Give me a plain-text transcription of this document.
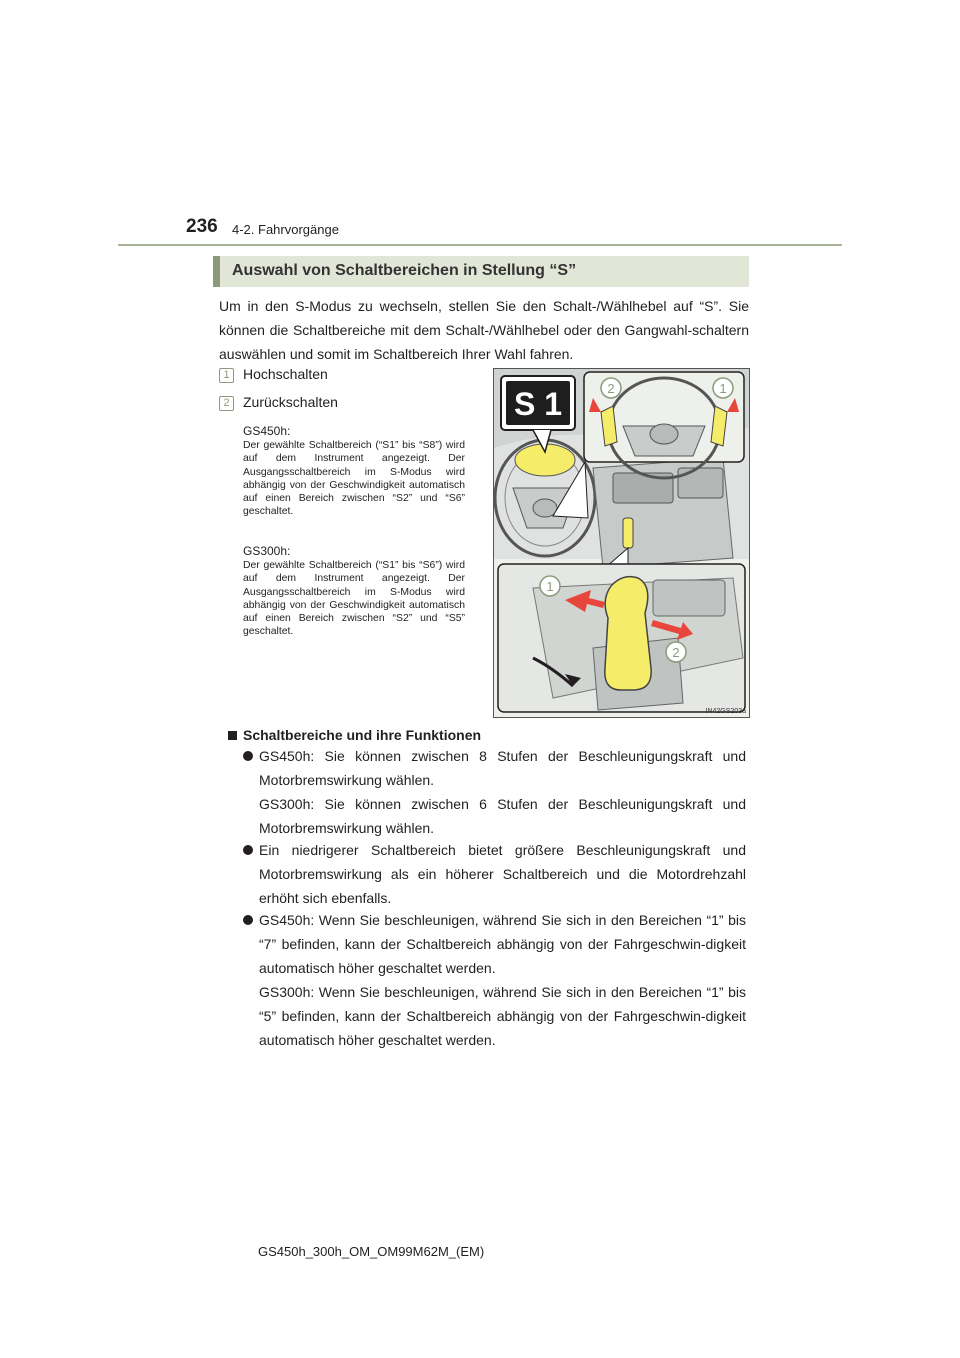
236 4-2. Fahrvorgänge
Auswahl von Schaltbereichen in Stellung “S”
Um in den S-Modus zu wechseln, stellen Sie den Schalt-/Wählhebel auf “S”. Sie können die Schaltbereiche mit dem Schalt-/Wählhebel oder den Gangwahl-schaltern auswählen und somit im Schaltbereich Ihrer Wahl fahren.
1 Hochschalten
2 Zurückschalten
GS450h:
Der gewählte Schaltbereich (“S1” bis “S8”) wird auf dem Instrument angezeigt. Der Ausgangsschaltbereich im S-Modus wird abhängig von der Geschwindigkeit automatisch auf einen Bereich zwischen “S2” und “S6” geschaltet.
GS300h:
Der gewählte Schaltbereich (“S1” bis “S6”) wird auf dem Instrument angezeigt. Der Ausgangsschaltbereich im S-Modus wird abhängig von der Geschwindigkeit automatisch auf einen Bereich zwischen “S2” und “S5” geschaltet.
S 1	2	1
1
2
IN42GS203a
Schaltbereiche und ihre Funktionen
GS450h: Sie können zwischen 8 Stufen der Beschleunigungskraft und Motorbremswirkung wählen.
GS300h: Sie können zwischen 6 Stufen der Beschleunigungskraft und Motorbremswirkung wählen.
Ein niedrigerer Schaltbereich bietet größere Beschleunigungskraft und Motorbremswirkung als ein höherer Schaltbereich und die Motordrehzahl erhöht sich ebenfalls.
GS450h: Wenn Sie beschleunigen, während Sie sich in den Bereichen “1” bis “7” befinden, kann der Schaltbereich abhängig von der Fahrgeschwin-digkeit automatisch höher geschaltet werden.
GS300h: Wenn Sie beschleunigen, während Sie sich in den Bereichen “1” bis “5” befinden, kann der Schaltbereich abhängig von der Fahrgeschwin-digkeit automatisch höher geschaltet werden.
GS450h_300h_OM_OM99M62M_(EM)
